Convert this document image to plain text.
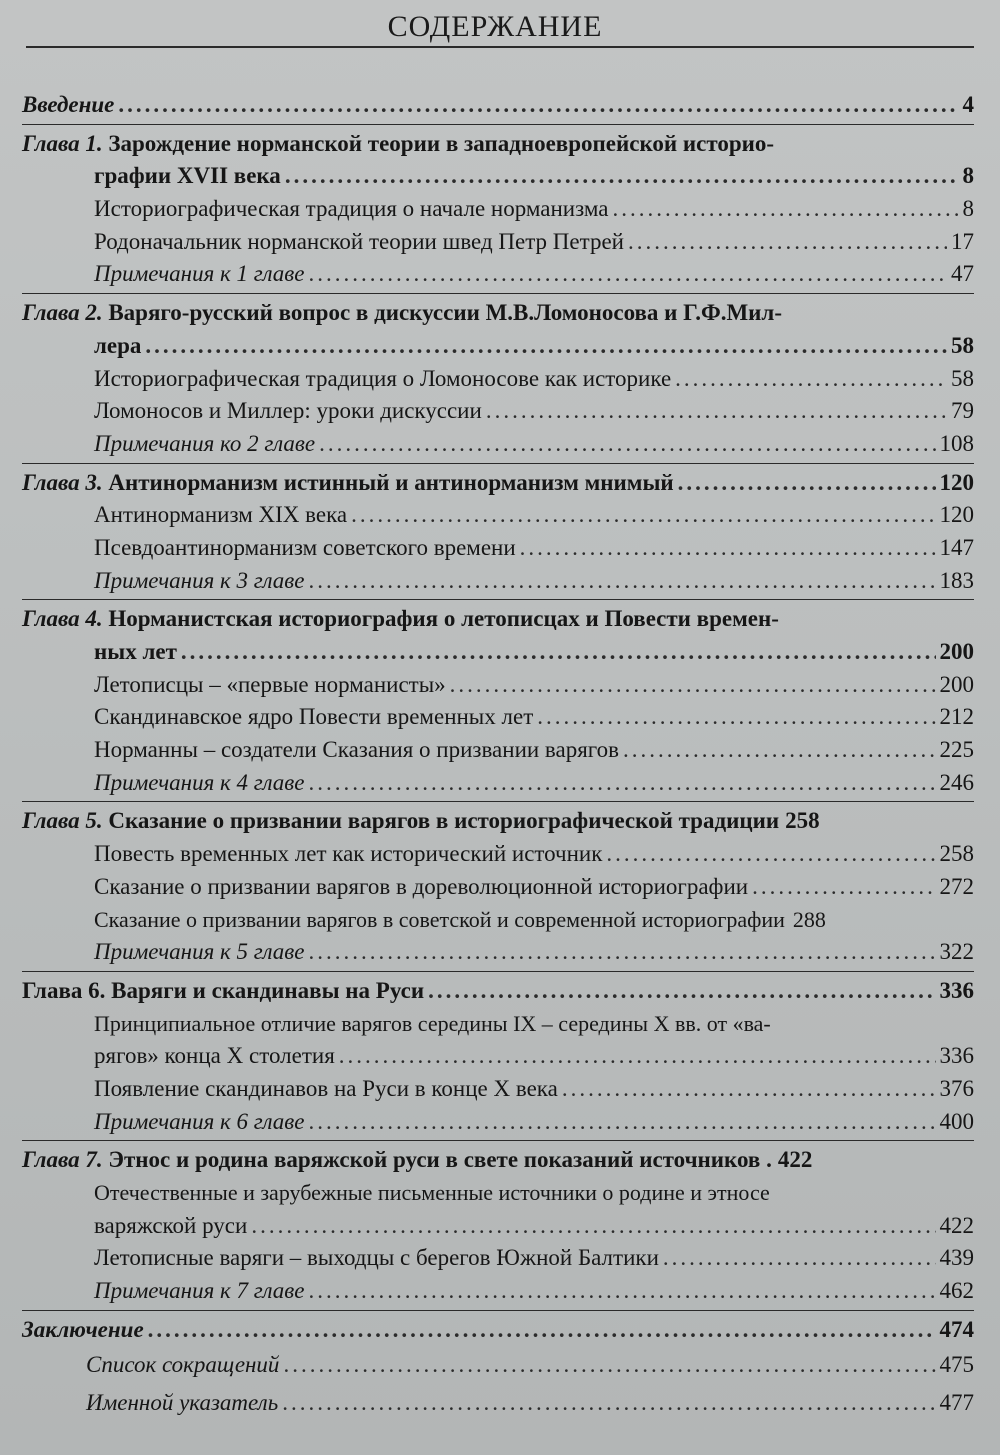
СОДЕРЖАНИЕ
Введение .....	4
Глава 1. Зарождение норманской теории в западноевропейской историо-
графии XVII века .....	8
Историографическая традиция о начале норманизма .....	8
Родоначальник норманской теории швед Петр Петрей .....	17
Примечания к 1 главе .....	47
Глава 2. Варяго-русский вопрос в дискуссии М.В.Ломоносова и Г.Ф.Мил-
лера .....	58
Историографическая традиция о Ломоносове как историке .....	58
Ломоносов и Миллер: уроки дискуссии .....	79
Примечания ко 2 главе .....	108
Глава 3. Антинорманизм истинный и антинорманизм мнимый .....	120
Антинорманизм XIX века .....	120
Псевдоантинорманизм советского времени .....	147
Примечания к 3 главе .....	183
Глава 4. Норманистская историография о летописцах и Повести времен-
ных лет .....	200
Летописцы – «первые норманисты» .....	200
Скандинавское ядро Повести временных лет .....	212
Норманны – создатели Сказания о призвании варягов .....	225
Примечания к 4 главе .....	246
Глава 5. Сказание о призвании варягов в историографической традиции 258
Повесть временных лет как исторический источник .....	258
Сказание о призвании варягов в дореволюционной историографии .....	272
Сказание о призвании варягов в советской и современной историографии 288
Примечания к 5 главе .....	322
Глава 6. Варяги и скандинавы на Руси .....	336
Принципиальное отличие варягов середины IX – середины X вв. от «ва-
рягов» конца X столетия .....	336
Появление скандинавов на Руси в конце X века .....	376
Примечания к 6 главе .....	400
Глава 7. Этнос и родина варяжской руси в свете показаний источников . 422
Отечественные и зарубежные письменные источники о родине и этносе
варяжской руси .....	422
Летописные варяги – выходцы с берегов Южной Балтики .....	439
Примечания к 7 главе .....	462
Заключение .....	474
Список сокращений .....	475
Именной указатель .....	477
